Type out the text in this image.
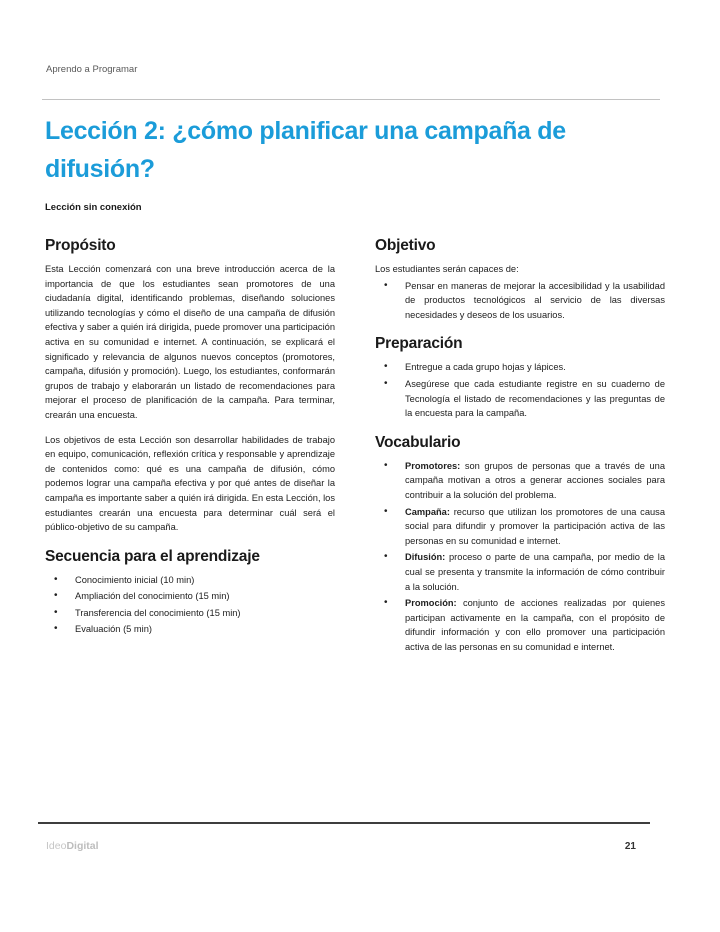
Aprendo a Programar
Lección 2: ¿cómo planificar una campaña de difusión?
Lección sin conexión
Propósito

Esta Lección comenzará con una breve introducción acerca de la importancia de que los estudiantes sean promotores de una ciudadanía digital, identificando problemas, diseñando soluciones utilizando tecnologías y cómo el diseño de una campaña de difusión efectiva y saber a quién irá dirigida, puede promover una participación activa en su comunidad e internet. A continuación, se explicará el significado y relevancia de algunos nuevos conceptos (promotores, campaña, difusión y promoción). Luego, los estudiantes, conformarán grupos de trabajo y elaborarán un listado de recomendaciones para mejorar el proceso de planificación de la campaña. Para terminar, crearán una encuesta.

Los objetivos de esta Lección son desarrollar habilidades de trabajo en equipo, comunicación, reflexión crítica y responsable y aprendizaje de contenidos como: qué es una campaña de difusión, cómo podemos lograr una campaña efectiva y por qué antes de diseñar la campaña es importante saber a quién irá dirigida. En esta Lección, los estudiantes crearán una encuesta para determinar cuál será el público-objetivo de su campaña.

Secuencia para el aprendizaje
• Conocimiento inicial (10 min)
• Ampliación del conocimiento (15 min)
• Transferencia del conocimiento (15 min)
• Evaluación (5 min)
Objetivo

Los estudiantes serán capaces de:

• Pensar en maneras de mejorar la accesibilidad y la usabilidad de productos tecnológicos al servicio de las diversas necesidades y deseos de los usuarios.
Preparación
• Entregue a cada grupo hojas y lápices.
• Asegúrese que cada estudiante registre en su cuaderno de Tecnología el listado de recomendaciones y las preguntas de la encuesta para la campaña.
Vocabulario
• Promotores: son grupos de personas que a través de una campaña motivan a otros a generar acciones sociales para contribuir a la solución del problema.
• Campaña: recurso que utilizan los promotores de una causa social para difundir y promover la participación activa de las personas en su comunidad e internet.
• Difusión: proceso o parte de una campaña, por medio de la cual se presenta y transmite la información de cómo contribuir a la solución.
• Promoción: conjunto de acciones realizadas por quienes participan activamente en la campaña, con el propósito de difundir información y con ello promover una participación activa de las personas en su comunidad e internet.
IdeoDigital	21
